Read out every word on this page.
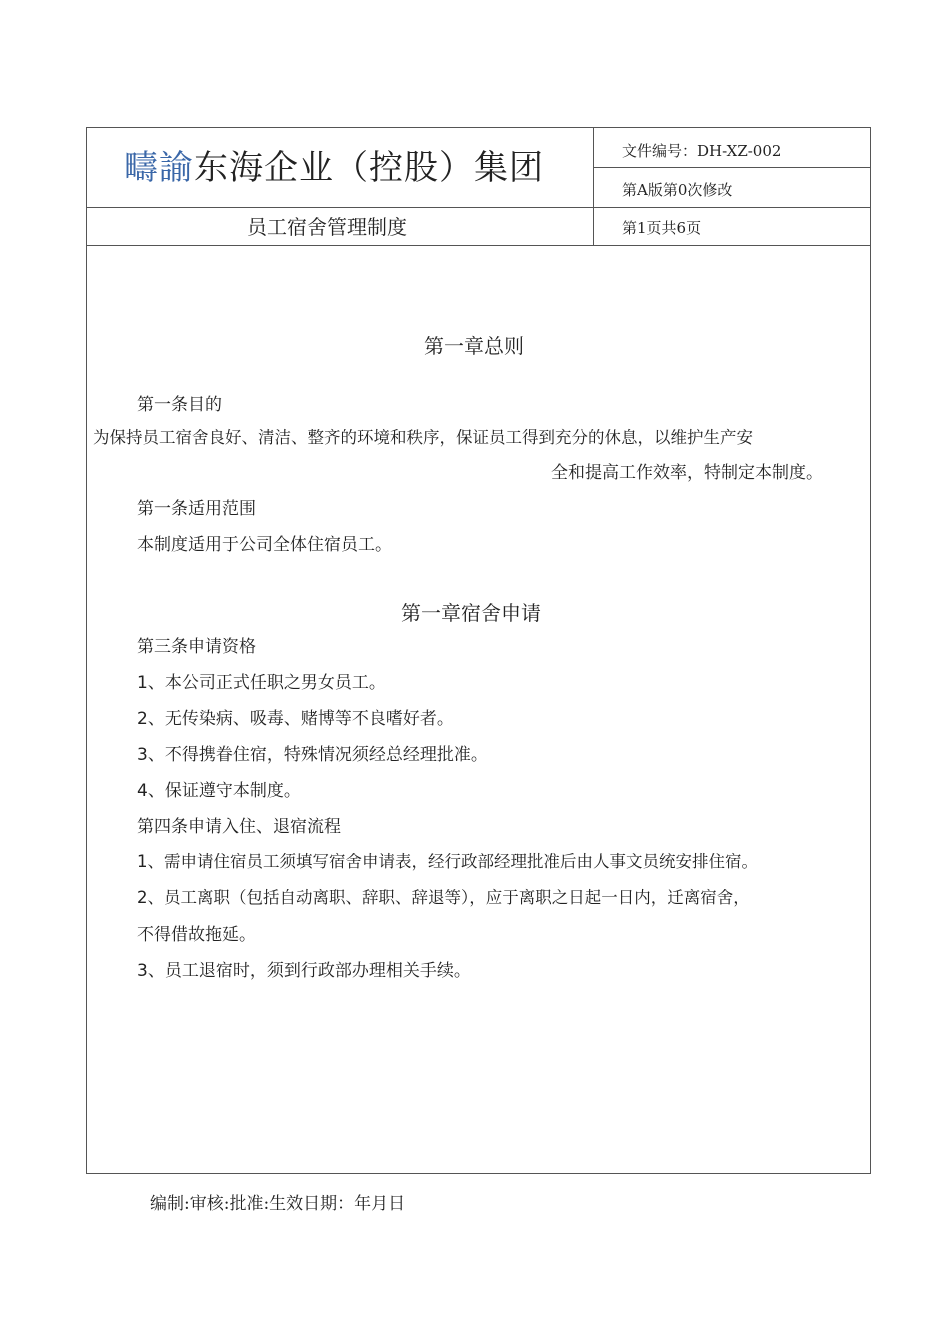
疇諭东海企业（控股）集团
员工宿舍管理制度
文件编号：DH-XZ-002
第A版第0次修改
第1页共6页
第一章总则
第一条目的
为保持员工宿舍良好、清洁、整齐的环境和秩序，保证员工得到充分的休息，以维护生产安
全和提高工作效率，特制定本制度。
第一条适用范围
本制度适用于公司全体住宿员工。
第一章宿舍申请
第三条申请资格
1、本公司正式任职之男女员工。
2、无传染病、吸毒、赌博等不良嗜好者。
3、不得携眷住宿，特殊情况须经总经理批准。
4、保证遵守本制度。
第四条申请入住、退宿流程
1、需申请住宿员工须填写宿舍申请表，经行政部经理批准后由人事文员统安排住宿。
2、员工离职（包括自动离职、辞职、辞退等），应于离职之日起一日内，迁离宿舍，
不得借故拖延。
3、员工退宿时，须到行政部办理相关手续。
编制:审核:批准:生效日期：年月日
